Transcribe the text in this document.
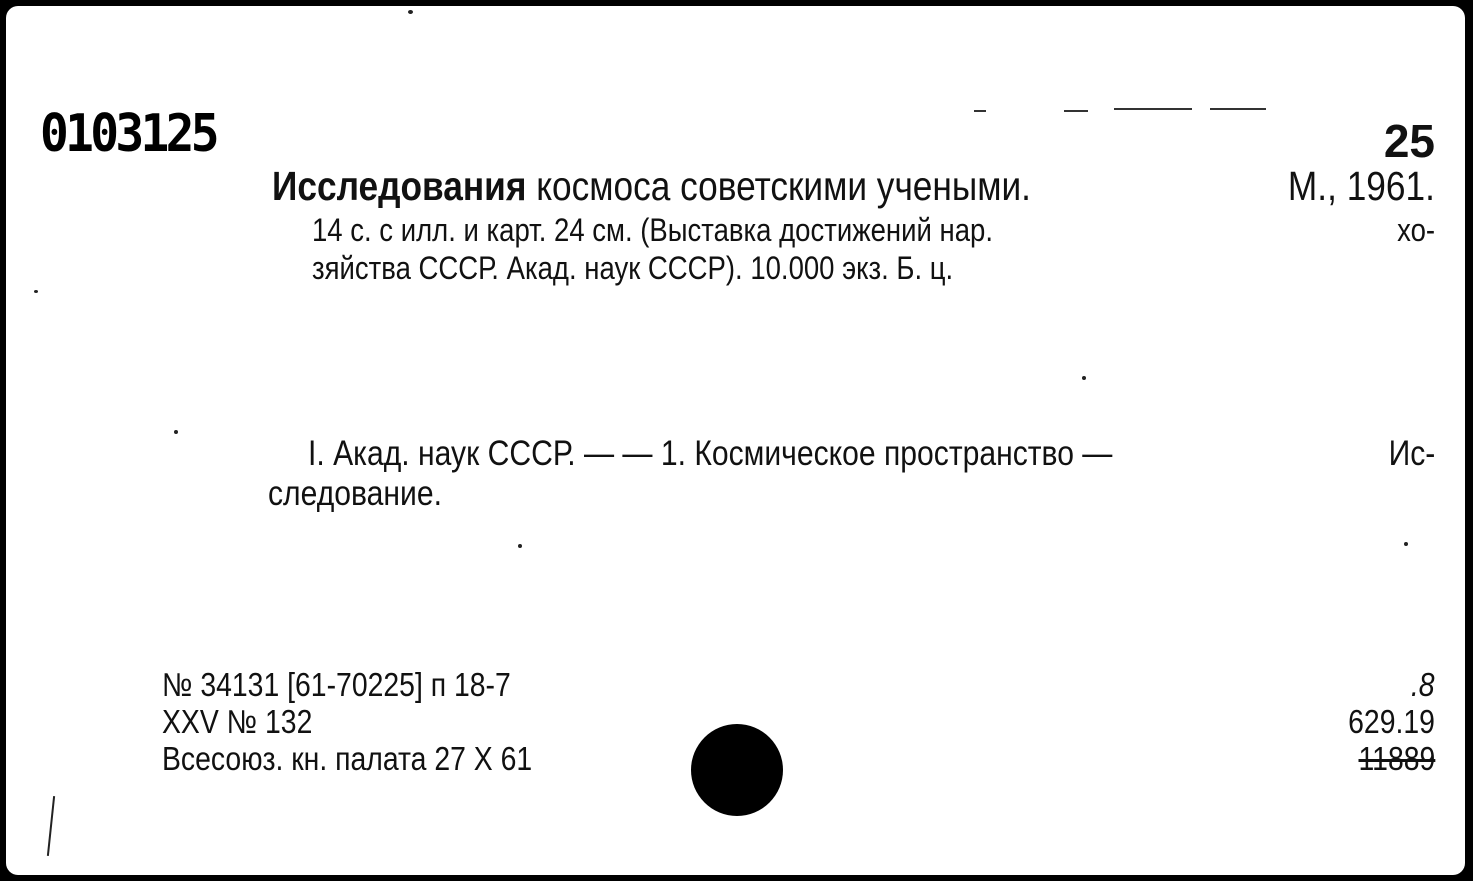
0103125	25
Исследования космоса советскими учеными.	М., 1961.
14 с. с илл. и карт. 24 см. (Выставка достижений нар.	хо-
зяйства СССР. Акад. наук СССР). 10.000 экз. Б. ц.
I. Акад. наук СССР. — — 1. Космическое пространство —	Ис-
следование.
№ 34131 [61-70225] п 18-7
XXV № 132
Всесоюз. кн. палата 27 X 61
.8
629.19
11889
